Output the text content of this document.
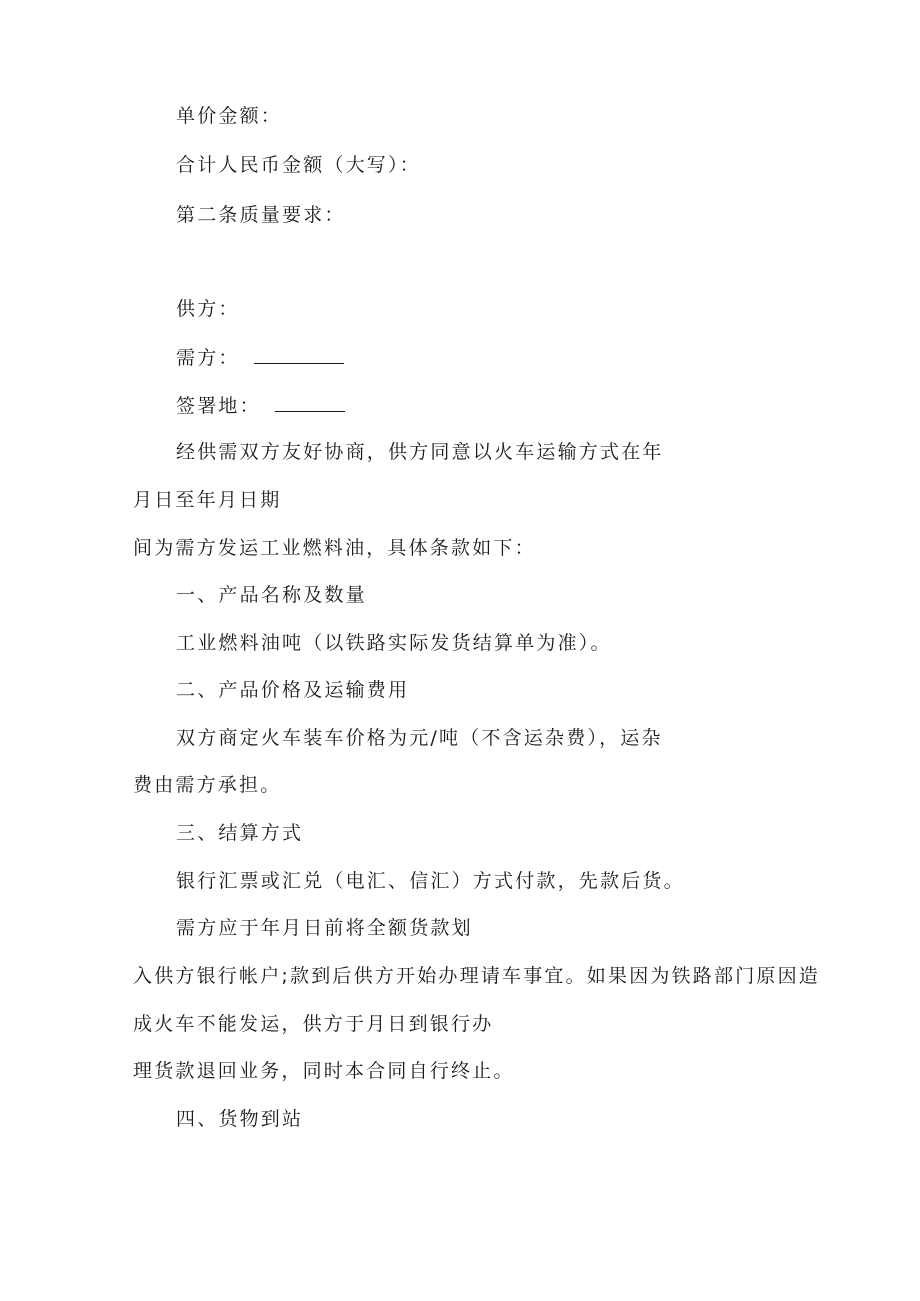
单价金额：
合计人民币金额（大写）：
第二条质量要求：
供方：
需方：
签署地：
经供需双方友好协商，供方同意以火车运输方式在年
月日至年月日期
间为需方发运工业燃料油，具体条款如下：
一、产品名称及数量
工业燃料油吨（以铁路实际发货结算单为准）。
二、产品价格及运输费用
双方商定火车装车价格为元/吨（不含运杂费），运杂
费由需方承担。
三、结算方式
银行汇票或汇兑（电汇、信汇）方式付款，先款后货。
需方应于年月日前将全额货款划
入供方银行帐户;款到后供方开始办理请车事宜。如果因为铁路部门原因造
成火车不能发运，供方于月日到银行办
理货款退回业务，同时本合同自行终止。
四、货物到站
